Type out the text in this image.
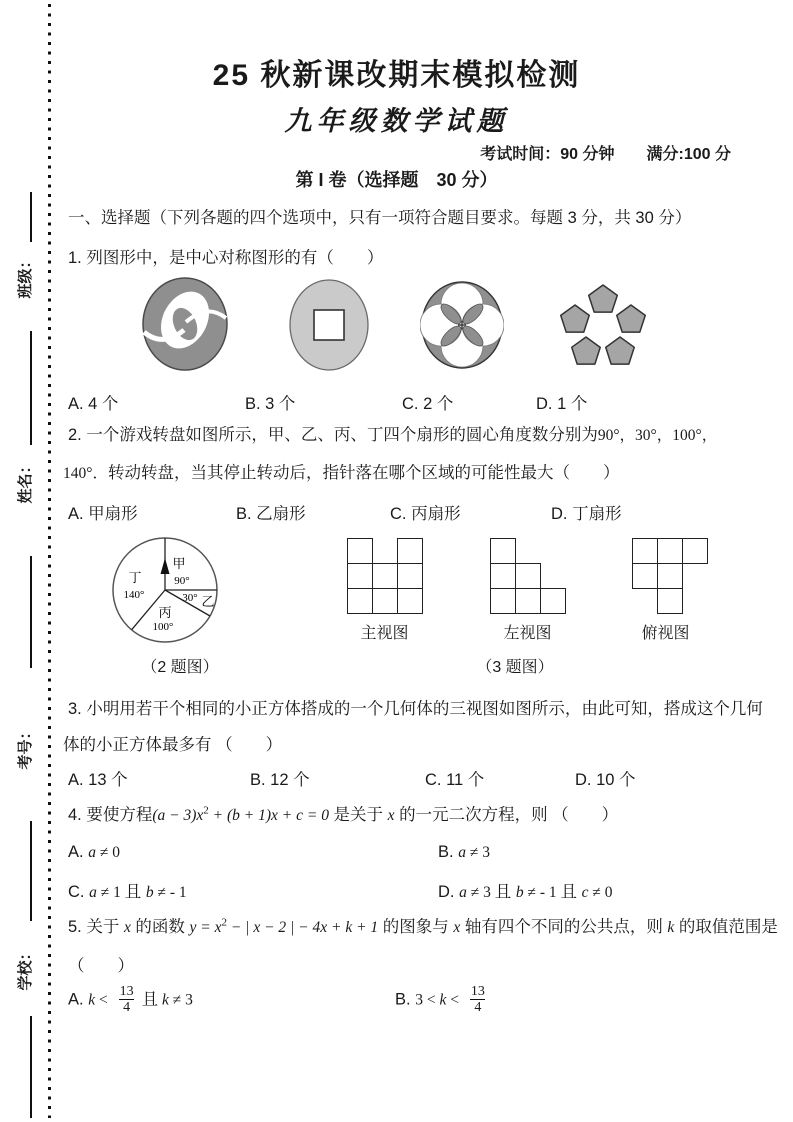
班级：
姓名：
考号：
学校：
25 秋新课改期末模拟检测
九年级数学试题
考试时间：90 分钟　　满分:100 分
第 I 卷（选择题　30 分）
一、选择题（下列各题的四个选项中，只有一项符合题目要求。每题 3 分，共 30 分）
1. 列图形中，是中心对称图形的有（　　）
A. 4 个	B. 3 个	C. 2 个	D. 1 个
2. 一个游戏转盘如图所示，甲、乙、丙、丁四个扇形的圆心角度数分别为90°，30°，100°，
140°．转动转盘，当其停止转动后，指针落在哪个区域的可能性最大（　　）
A. 甲扇形	B. 乙扇形	C. 丙扇形	D. 丁扇形
甲
90°
乙
30°
丙
100°
丁
140°
（2 题图）
主视图	左视图	俯视图
（3 题图）
3. 小明用若干个相同的小正方体搭成的一个几何体的三视图如图所示，由此可知，搭成这个几何
体的小正方体最多有 （　　）
A. 13 个	B. 12 个	C. 11 个	D. 10 个
4. 要使方程$(a - 3)x^2 + (b + 1)x + c = 0$ 是关于 x 的一元二次方程，则 （　　）
A. a ≠ 0	B. a ≠ 3
C. a ≠ 1 且 b ≠ - 1	D. a ≠ 3 且 b ≠ - 1 且 c ≠ 0
5. 关于 x 的函数 $y = x^2$ − | x − 2 | − 4x + k + 1 的图象与 x 轴有四个不同的公共点，则 k 的取值范围是
（　　）
A. $k < \frac{13}{4}$ 且 k ≠ 3	B. $3 < k < \frac{13}{4}$
